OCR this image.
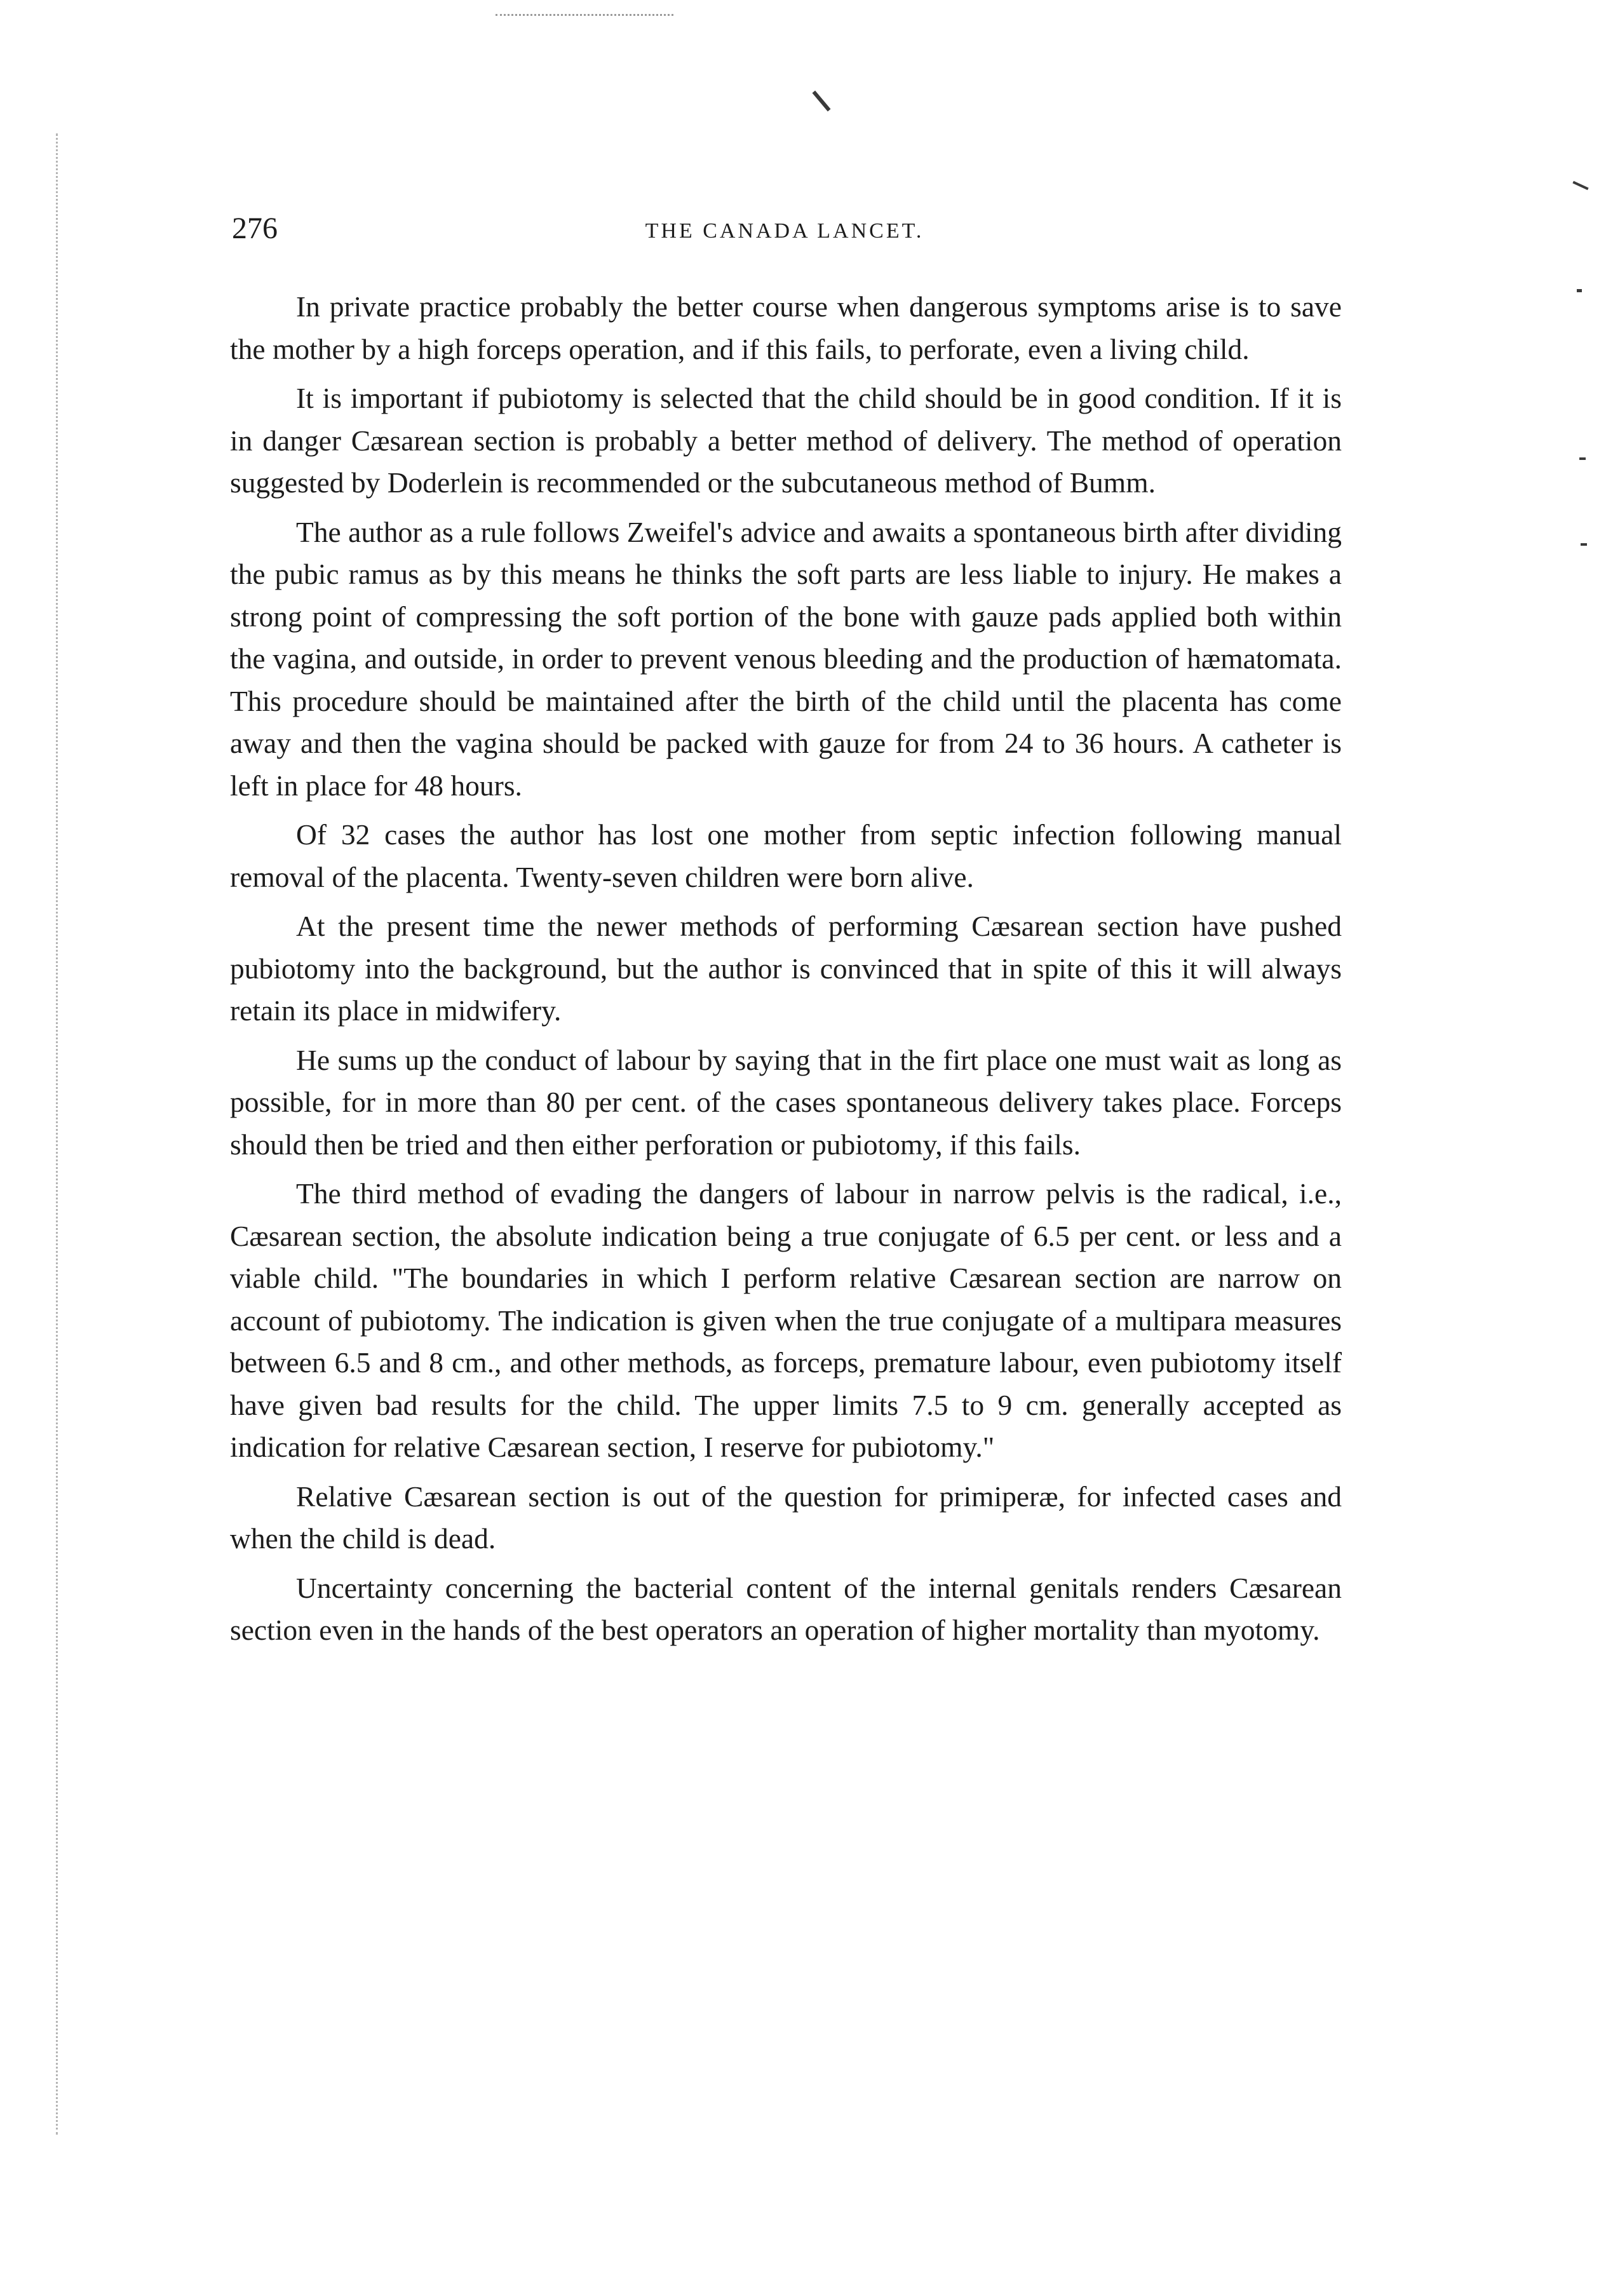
276	THE CANADA LANCET.

In private practice probably the better course when dangerous symptoms arise is to save the mother by a high forceps operation, and if this fails, to perforate, even a living child.

It is important if pubiotomy is selected that the child should be in good condition. If it is in danger Cæsarean section is probably a better method of delivery. The method of operation suggested by Doderlein is recommended or the subcutaneous method of Bumm.

The author as a rule follows Zweifel's advice and awaits a spontaneous birth after dividing the pubic ramus as by this means he thinks the soft parts are less liable to injury. He makes a strong point of compressing the soft portion of the bone with gauze pads applied both within the vagina, and outside, in order to prevent venous bleeding and the production of hæmatomata. This procedure should be maintained after the birth of the child until the placenta has come away and then the vagina should be packed with gauze for from 24 to 36 hours. A catheter is left in place for 48 hours.

Of 32 cases the author has lost one mother from septic infection following manual removal of the placenta. Twenty-seven children were born alive.

At the present time the newer methods of performing Cæsarean section have pushed pubiotomy into the background, but the author is convinced that in spite of this it will always retain its place in midwifery.

He sums up the conduct of labour by saying that in the firt place one must wait as long as possible, for in more than 80 per cent. of the cases spontaneous delivery takes place. Forceps should then be tried and then either perforation or pubiotomy, if this fails.

The third method of evading the dangers of labour in narrow pelvis is the radical, i.e., Cæsarean section, the absolute indication being a true conjugate of 6.5 per cent. or less and a viable child. "The boundaries in which I perform relative Cæsarean section are narrow on account of pubiotomy. The indication is given when the true conjugate of a multipara measures between 6.5 and 8 cm., and other methods, as forceps, premature labour, even pubiotomy itself have given bad results for the child. The upper limits 7.5 to 9 cm. generally accepted as indication for relative Cæsarean section, I reserve for pubiotomy."

Relative Cæsarean section is out of the question for primiperæ, for infected cases and when the child is dead.

Uncertainty concerning the bacterial content of the internal genitals renders Cæsarean section even in the hands of the best operators an operation of higher mortality than myotomy.
